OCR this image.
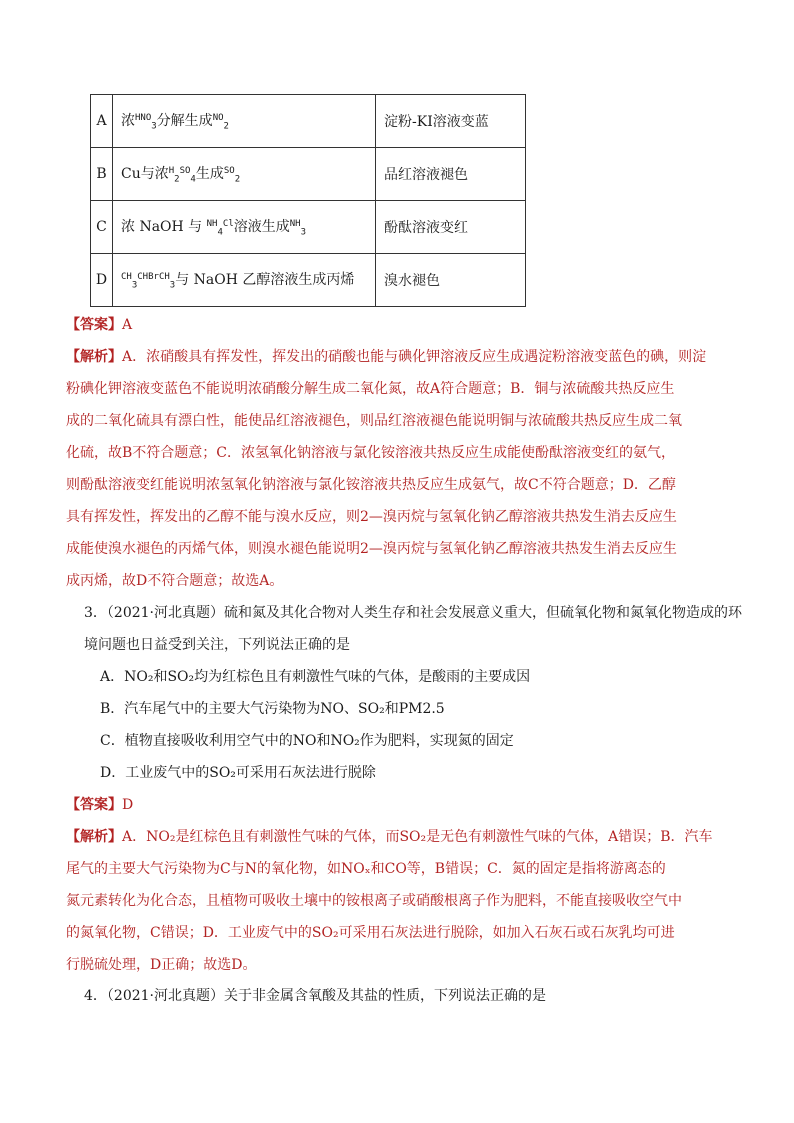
A	浓$^{HNO}_3$分解生成$^{NO}_2$	淀粉-KI溶液变蓝
B	Cu与浓$^H_2^{SO}_4$生成$^{SO}_2$	品红溶液褪色
C	浓 NaOH 与 $^{NH}_4^{Cl}$溶液生成$^{NH}_3$	酚酞溶液变红
D	$^{CH}_3^{CHBrCH}_3$与 NaOH 乙醇溶液生成丙烯	溴水褪色
【答案】A
【解析】A．浓硝酸具有挥发性，挥发出的硝酸也能与碘化钾溶液反应生成遇淀粉溶液变蓝色的碘，则淀
粉碘化钾溶液变蓝色不能说明浓硝酸分解生成二氧化氮，故A符合题意；B．铜与浓硫酸共热反应生
成的二氧化硫具有漂白性，能使品红溶液褪色，则品红溶液褪色能说明铜与浓硫酸共热反应生成二氧
化硫，故B不符合题意；C．浓氢氧化钠溶液与氯化铵溶液共热反应生成能使酚酞溶液变红的氨气，
则酚酞溶液变红能说明浓氢氧化钠溶液与氯化铵溶液共热反应生成氨气，故C不符合题意；D．乙醇
具有挥发性，挥发出的乙醇不能与溴水反应，则2—溴丙烷与氢氧化钠乙醇溶液共热发生消去反应生
成能使溴水褪色的丙烯气体，则溴水褪色能说明2—溴丙烷与氢氧化钠乙醇溶液共热发生消去反应生
成丙烯，故D不符合题意；故选A。
3．（2021·河北真题）硫和氮及其化合物对人类生存和社会发展意义重大，但硫氧化物和氮氧化物造成的环
境问题也日益受到关注，下列说法正确的是
A．NO₂和SO₂均为红棕色且有刺激性气味的气体，是酸雨的主要成因
B．汽车尾气中的主要大气污染物为NO、SO₂和PM2.5
C．植物直接吸收利用空气中的NO和NO₂作为肥料，实现氮的固定
D．工业废气中的SO₂可采用石灰法进行脱除
【答案】D
【解析】A．NO₂是红棕色且有刺激性气味的气体，而SO₂是无色有刺激性气味的气体，A错误；B．汽车
尾气的主要大气污染物为C与N的氧化物，如NOₓ和CO等，B错误；C．氮的固定是指将游离态的
氮元素转化为化合态，且植物可吸收土壤中的铵根离子或硝酸根离子作为肥料，不能直接吸收空气中
的氮氧化物，C错误；D．工业废气中的SO₂可采用石灰法进行脱除，如加入石灰石或石灰乳均可进
行脱硫处理，D正确；故选D。
4．（2021·河北真题）关于非金属含氧酸及其盐的性质，下列说法正确的是
